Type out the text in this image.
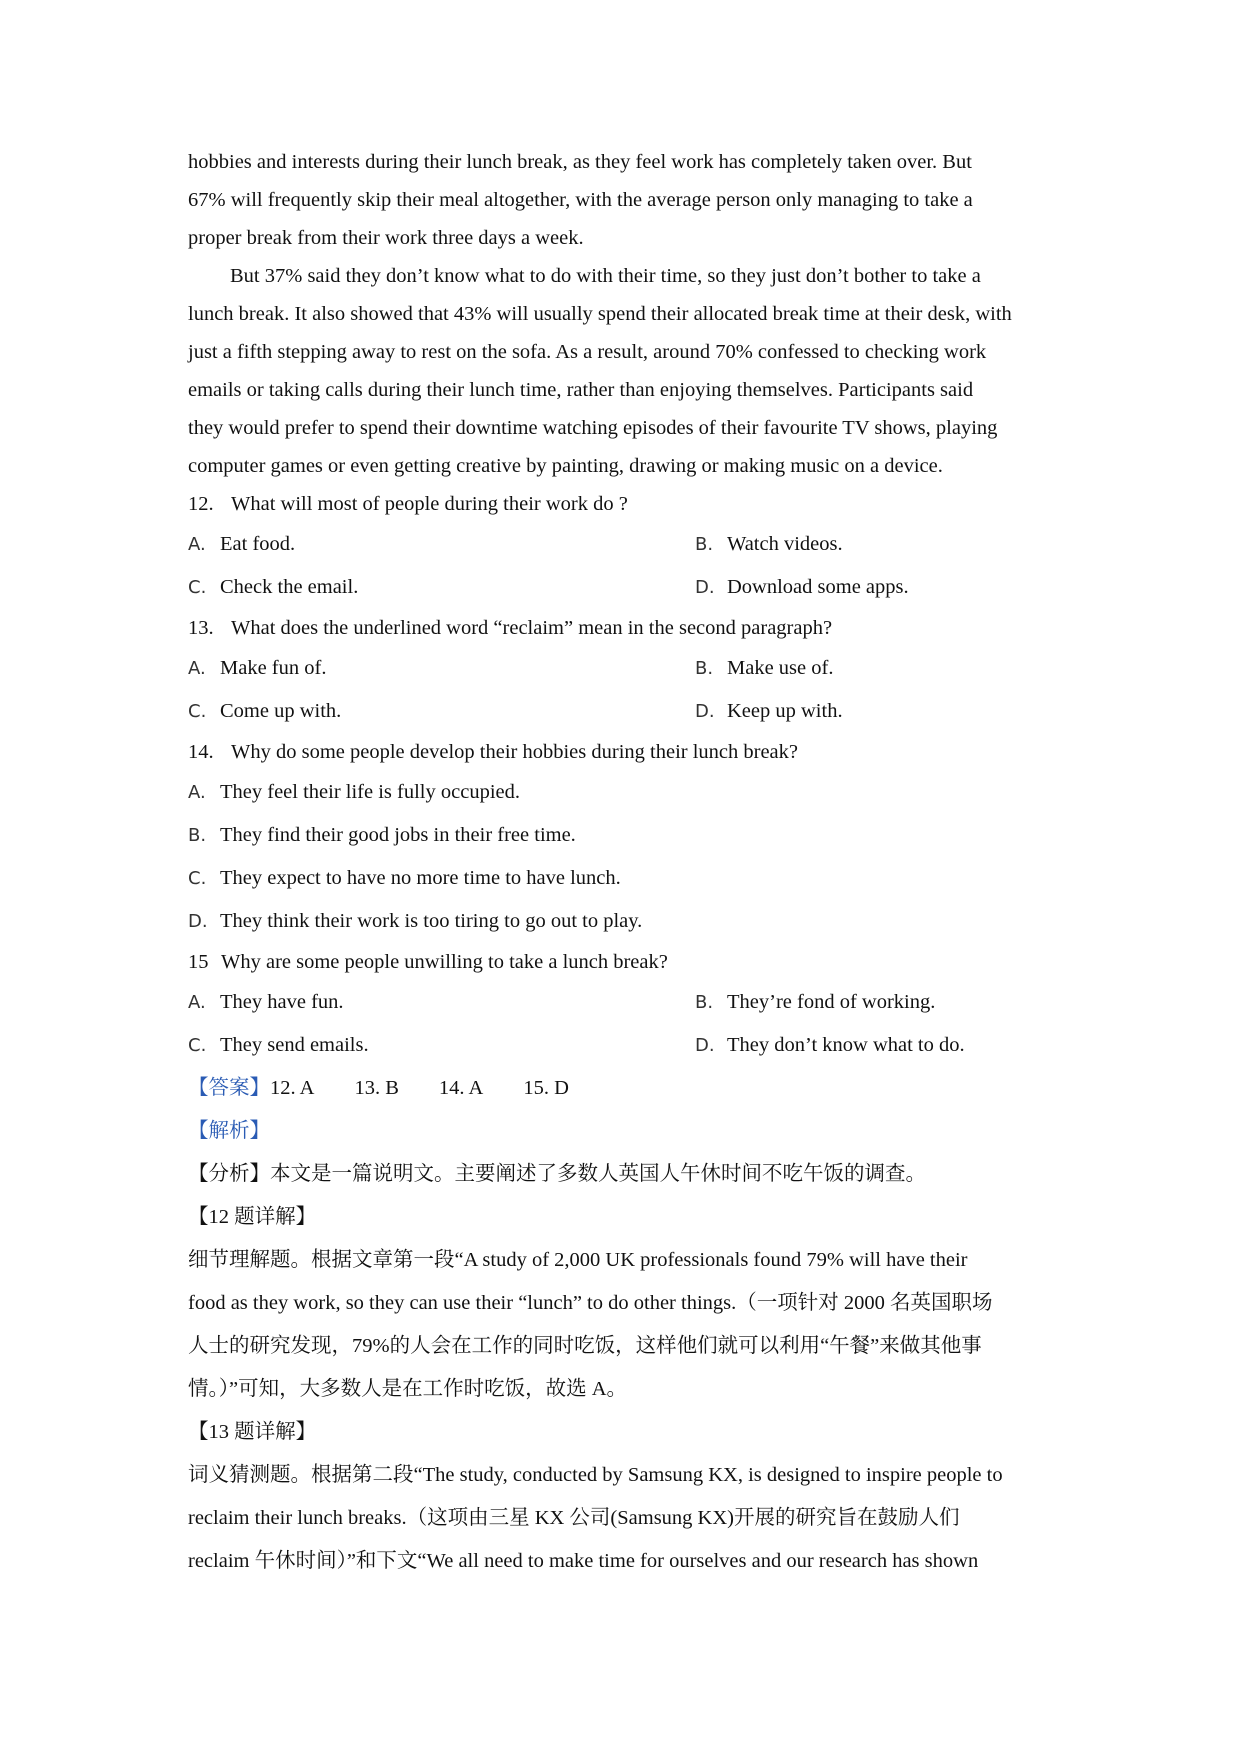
hobbies and interests during their lunch break, as they feel work has completely taken over. But
67% will frequently skip their meal altogether, with the average person only managing to take a
proper break from their work three days a week.
But 37% said they don’t know what to do with their time, so they just don’t bother to take a
lunch break. It also showed that 43% will usually spend their allocated break time at their desk, with
just a fifth stepping away to rest on the sofa. As a result, around 70% confessed to checking work
emails or taking calls during their lunch time, rather than enjoying themselves. Participants said
they would prefer to spend their downtime watching episodes of their favourite TV shows, playing
computer games or even getting creative by painting, drawing or making music on a device.
12. What will most of people during their work do ?
A. Eat food.	B. Watch videos.
C. Check the email.	D. Download some apps.
13. What does the underlined word “reclaim” mean in the second paragraph?
A. Make fun of.	B. Make use of.
C. Come up with.	D. Keep up with.
14. Why do some people develop their hobbies during their lunch break?
A. They feel their life is fully occupied.
B. They find their good jobs in their free time.
C. They expect to have no more time to have lunch.
D. They think their work is too tiring to go out to play.
15 Why are some people unwilling to take a lunch break?
A. They have fun.	B. They’re fond of working.
C. They send emails.	D. They don’t know what to do.
【答案】12. A 13. B 14. A 15. D
【解析】
【分析】本文是一篇说明文。主要阐述了多数人英国人午休时间不吃午饭的调查。
【12 题详解】
细节理解题。根据文章第一段“A study of 2,000 UK professionals found 79% will have their
food as they work, so they can use their “lunch” to do other things.（一项针对 2000 名英国职场
人士的研究发现，79%的人会在工作的同时吃饭，这样他们就可以利用“午餐”来做其他事
情。）”可知，大多数人是在工作时吃饭，故选 A。
【13 题详解】
词义猜测题。根据第二段“The study, conducted by Samsung KX, is designed to inspire people to
reclaim their lunch breaks.（这项由三星 KX 公司(Samsung KX)开展的研究旨在鼓励人们
reclaim 午休时间）”和下文“We all need to make time for ourselves and our research has shown
